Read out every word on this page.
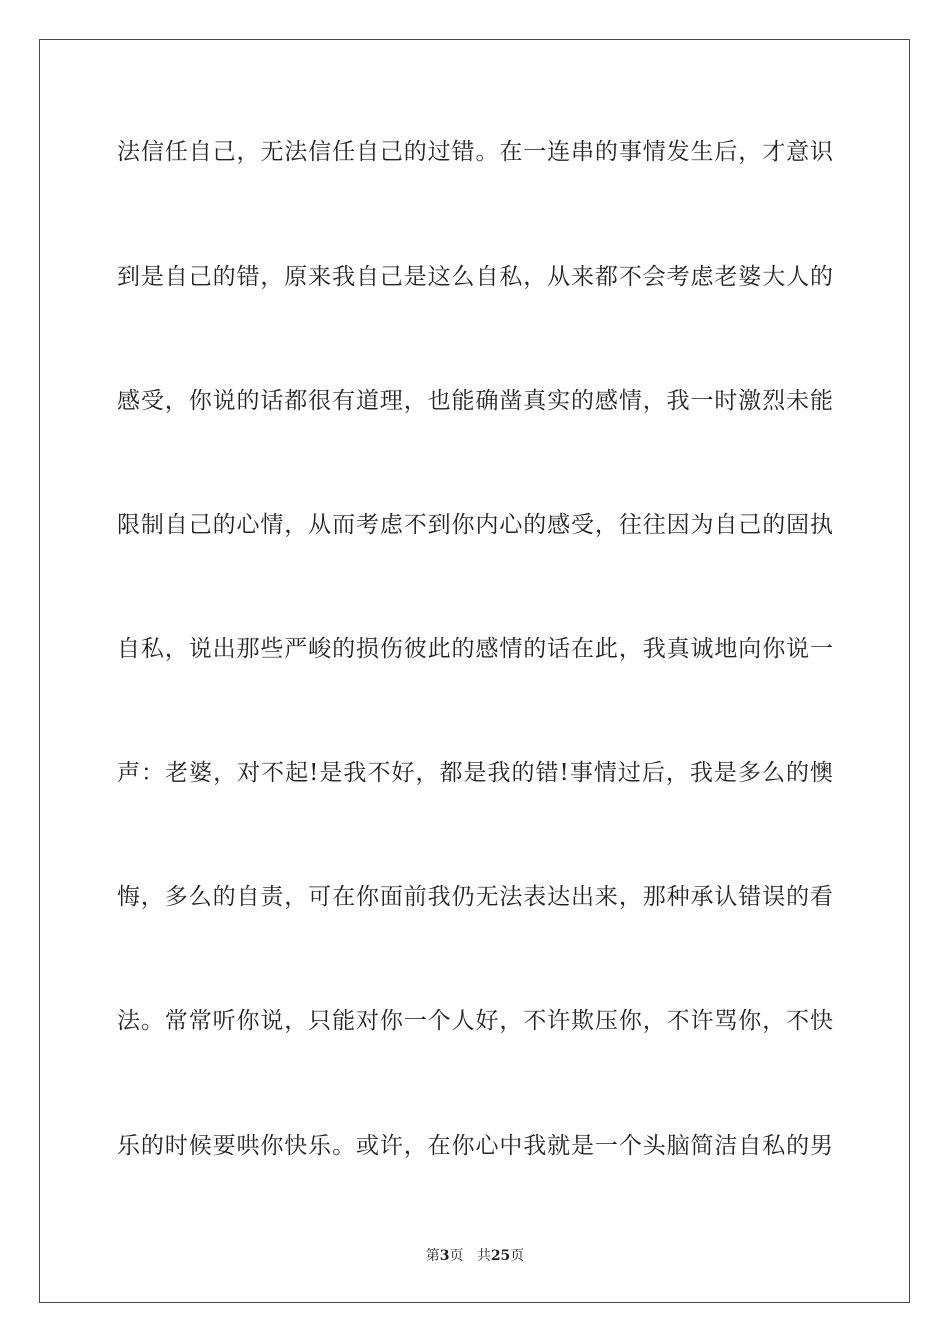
法信任自己，无法信任自己的过错。在一连串的事情发生后，才意识
到是自己的错，原来我自己是这么自私，从来都不会考虑老婆大人的
感受，你说的话都很有道理，也能确凿真实的感情，我一时激烈未能
限制自己的心情，从而考虑不到你内心的感受，往往因为自己的固执
自私，说出那些严峻的损伤彼此的感情的话在此，我真诚地向你说一
声：老婆，对不起!是我不好，都是我的错!事情过后，我是多么的懊
悔，多么的自责，可在你面前我仍无法表达出来，那种承认错误的看
法。常常听你说，只能对你一个人好，不许欺压你，不许骂你，不快
乐的时候要哄你快乐。或许，在你心中我就是一个头脑简洁自私的男
第3页 共25页
